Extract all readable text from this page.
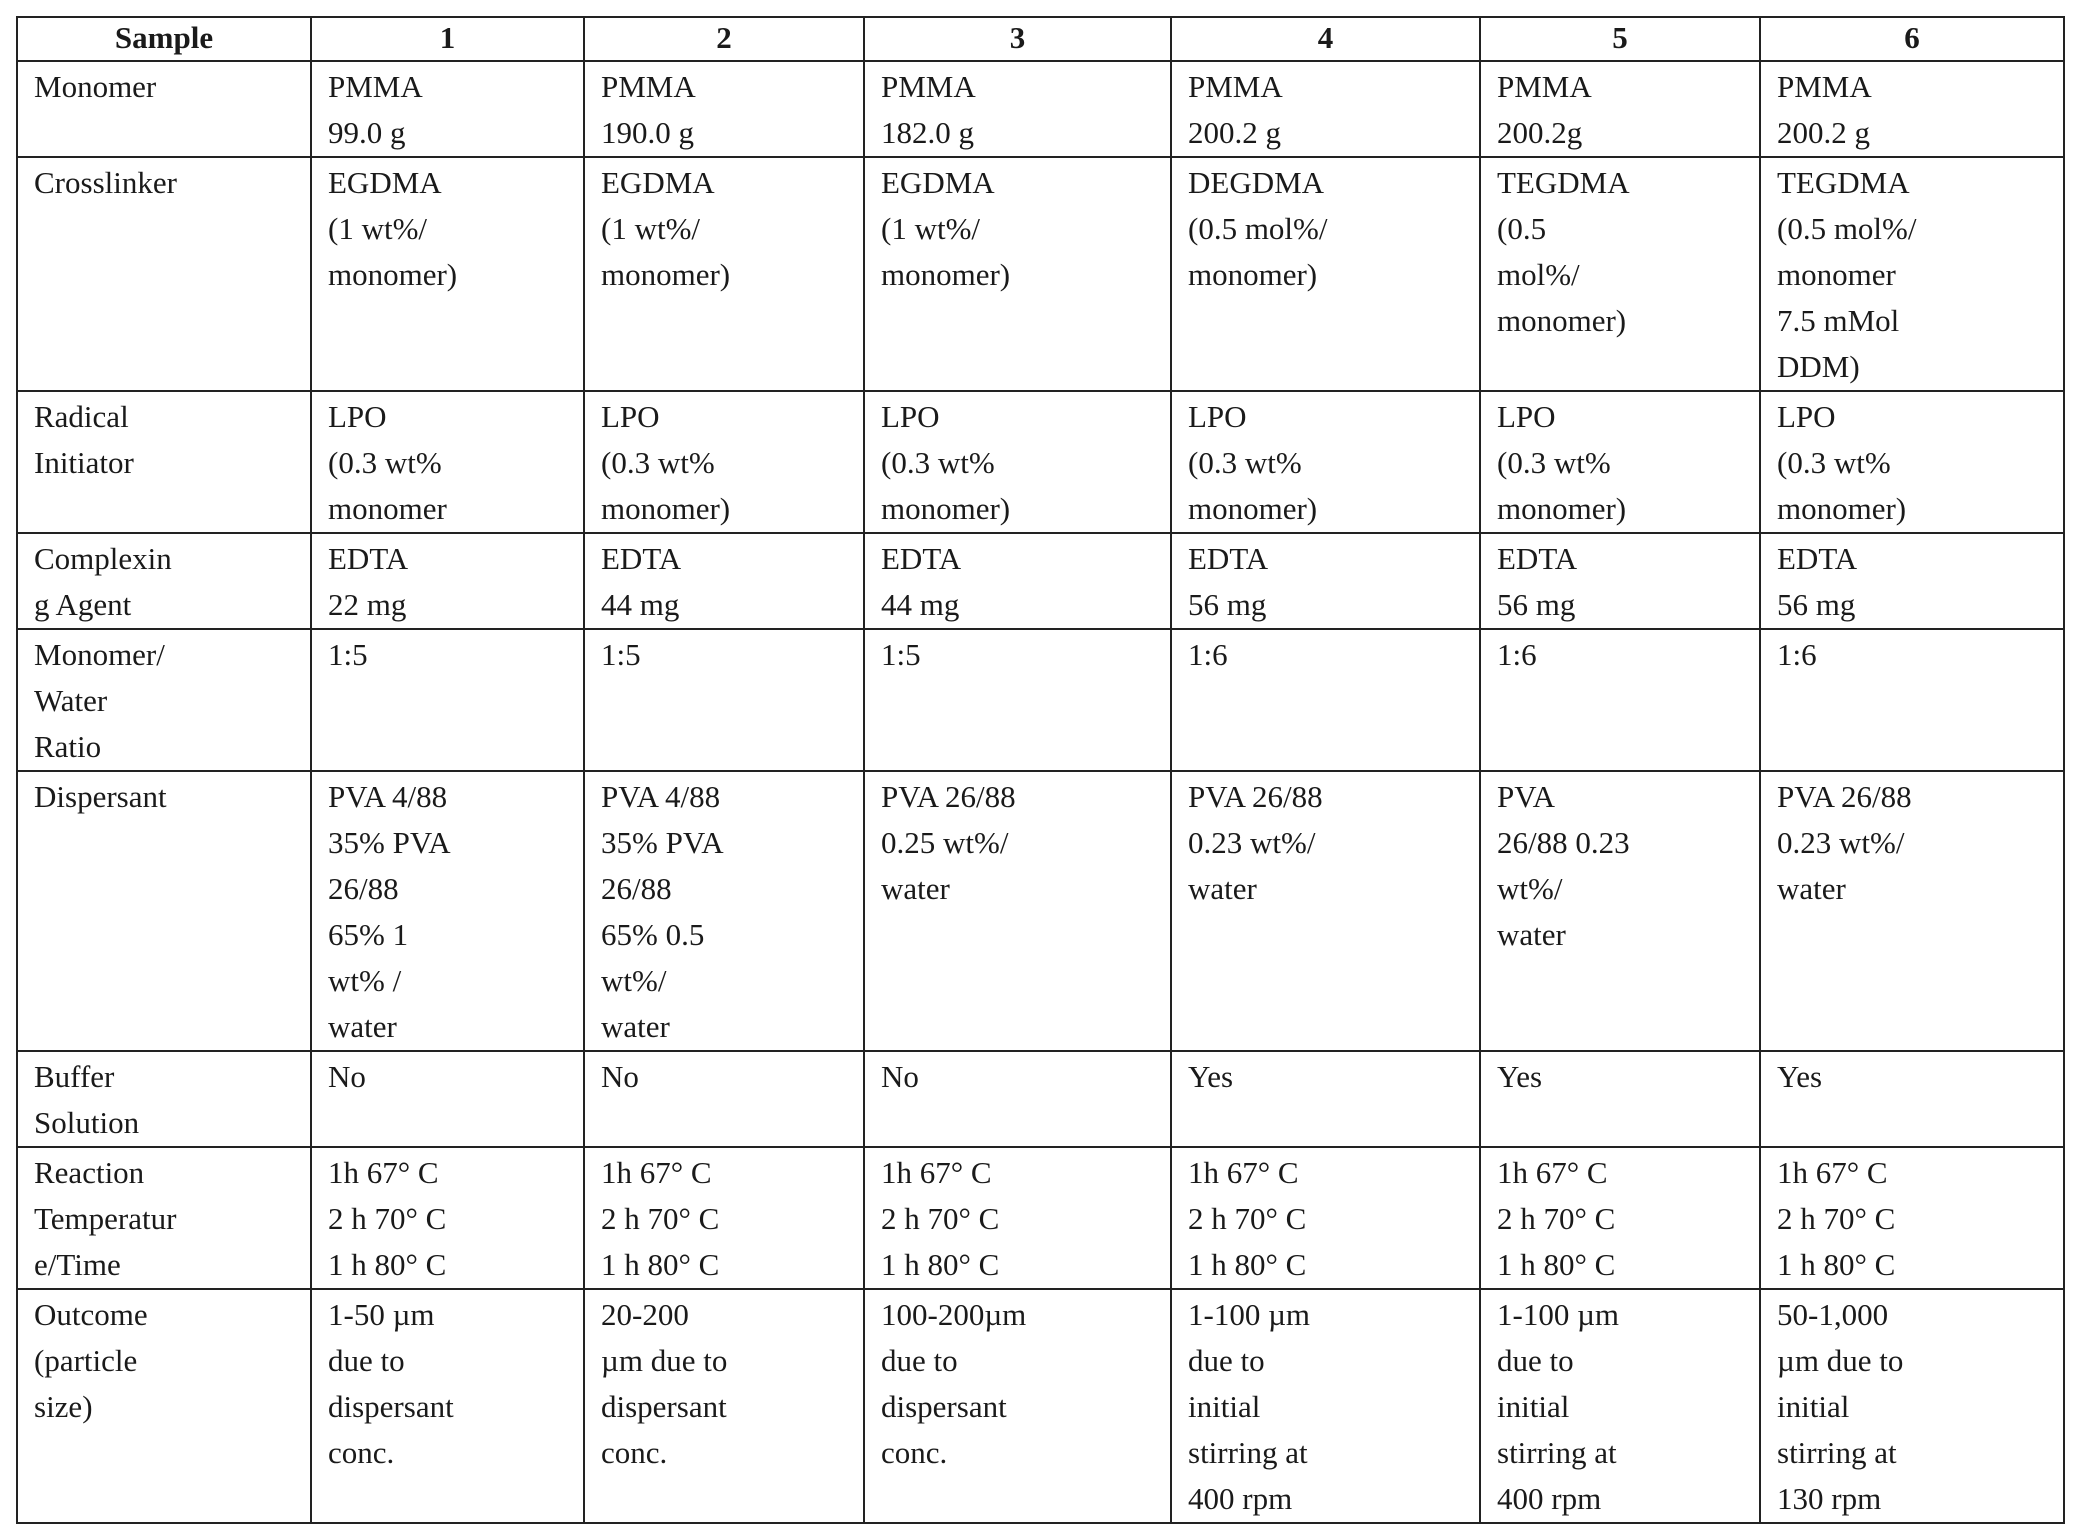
Sample	1	2	3	4	5	6
Monomer	PMMA
99.0 g	PMMA
190.0 g	PMMA
182.0 g	PMMA
200.2 g	PMMA
200.2g	PMMA
200.2 g
Crosslinker	EGDMA
(1 wt%/
monomer)	EGDMA
(1 wt%/
monomer)	EGDMA
(1 wt%/
monomer)	DEGDMA
(0.5 mol%/
monomer)	TEGDMA
(0.5
mol%/
monomer)	TEGDMA
(0.5 mol%/
monomer
7.5 mMol
DDM)
Radical
Initiator	LPO
(0.3 wt%
monomer	LPO
(0.3 wt%
monomer)	LPO
(0.3 wt%
monomer)	LPO
(0.3 wt%
monomer)	LPO
(0.3 wt%
monomer)	LPO
(0.3 wt%
monomer)
Complexin
g Agent	EDTA
22 mg	EDTA
44 mg	EDTA
44 mg	EDTA
56 mg	EDTA
56 mg	EDTA
56 mg
Monomer/
Water
Ratio	1:5	1:5	1:5	1:6	1:6	1:6
Dispersant	PVA 4/88
35% PVA
26/88
65% 1
wt% /
water	PVA 4/88
35% PVA
26/88
65% 0.5
wt%/
water	PVA 26/88
0.25 wt%/
water	PVA 26/88
0.23 wt%/
water	PVA
26/88 0.23
wt%/
water	PVA 26/88
0.23 wt%/
water
Buffer
Solution	No	No	No	Yes	Yes	Yes
Reaction
Temperatur
e/Time	1h 67° C
2 h 70° C
1 h 80° C	1h 67° C
2 h 70° C
1 h 80° C	1h 67° C
2 h 70° C
1 h 80° C	1h 67° C
2 h 70° C
1 h 80° C	1h 67° C
2 h 70° C
1 h 80° C	1h 67° C
2 h 70° C
1 h 80° C
Outcome
(particle
size)	1-50 µm
due to
dispersant
conc.	20-200
µm due to
dispersant
conc.	100-200µm
due to
dispersant
conc.	1-100 µm
due to
initial
stirring at
400 rpm	1-100 µm
due to
initial
stirring at
400 rpm	50-1,000
µm due to
initial
stirring at
130 rpm
